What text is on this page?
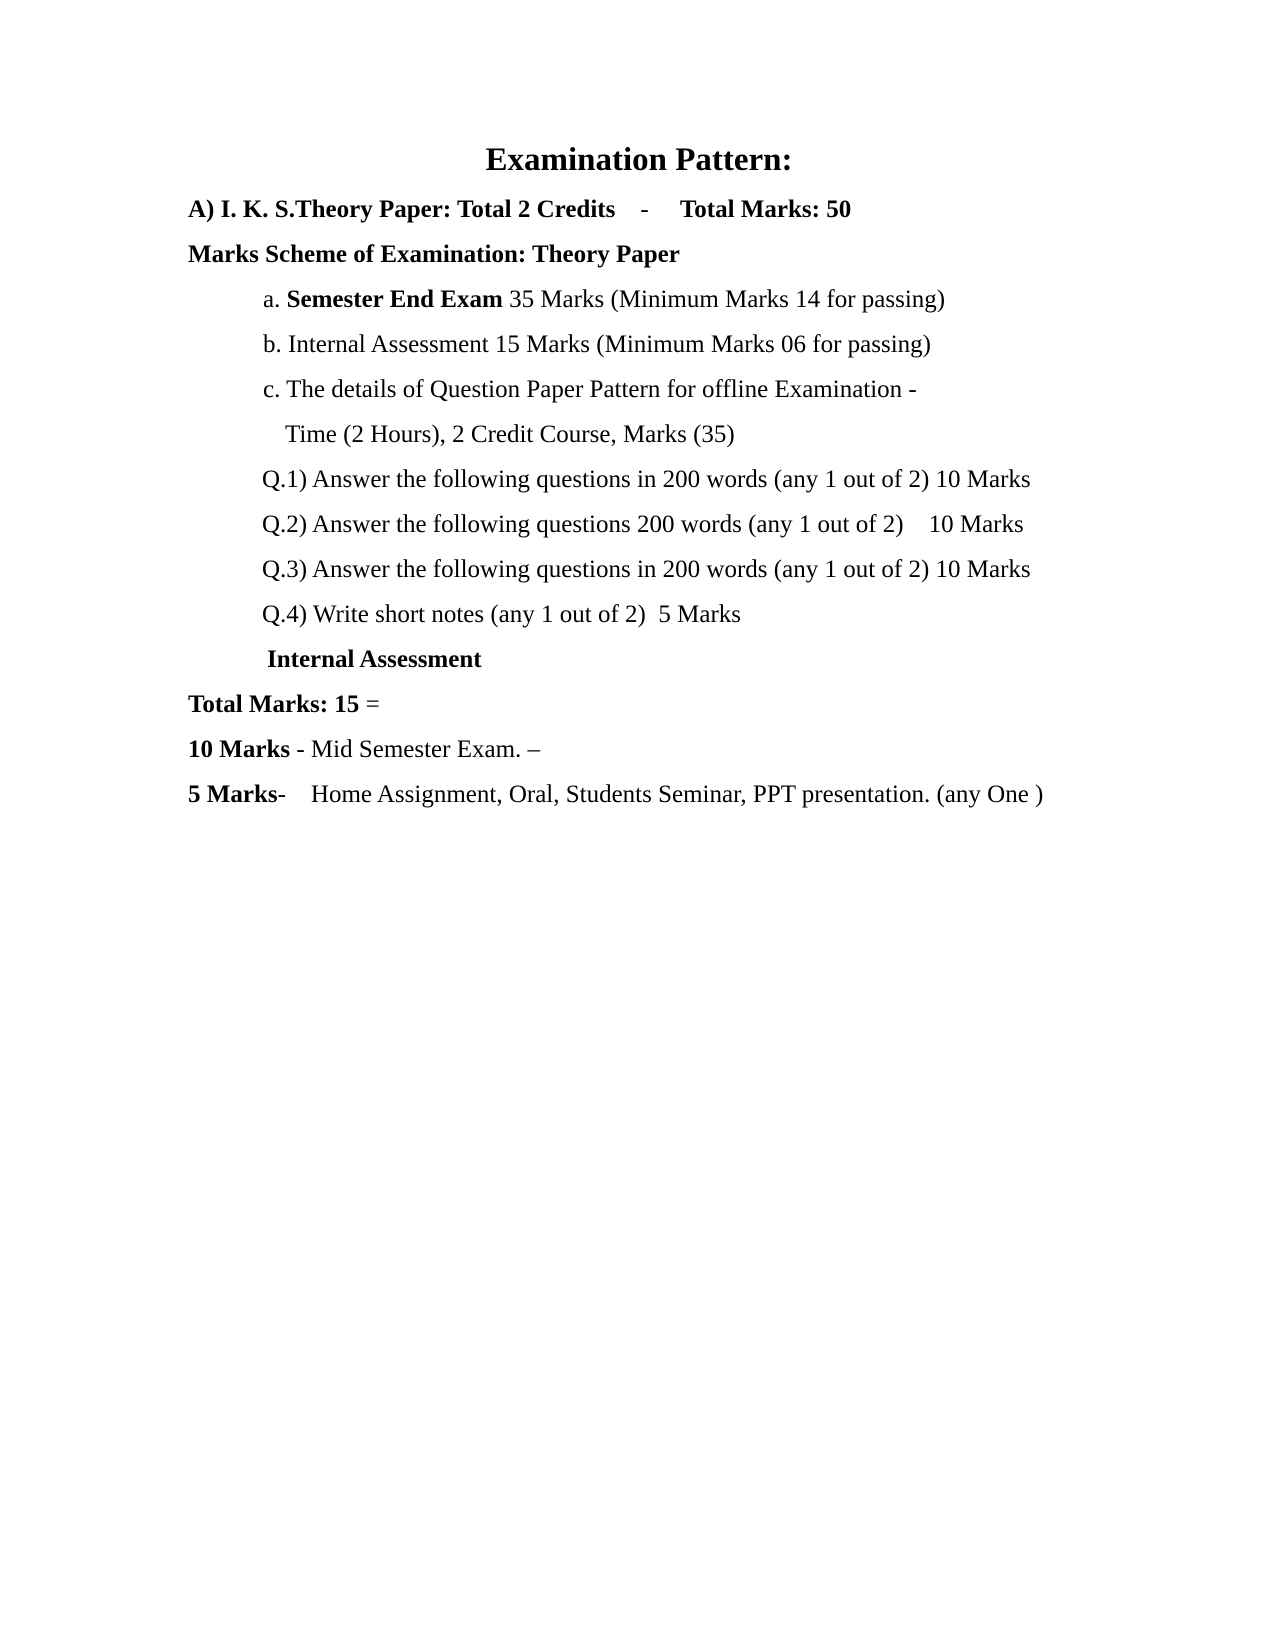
Examination Pattern:

A) I. K. S.Theory Paper: Total 2 Credits    -     Total Marks: 50

Marks Scheme of Examination: Theory Paper

a. Semester End Exam 35 Marks (Minimum Marks 14 for passing)

b. Internal Assessment 15 Marks (Minimum Marks 06 for passing)

c. The details of Question Paper Pattern for offline Examination -

Time (2 Hours), 2 Credit Course, Marks (35)

Q.1) Answer the following questions in 200 words (any 1 out of 2) 10 Marks

Q.2) Answer the following questions 200 words (any 1 out of 2)    10 Marks

Q.3) Answer the following questions in 200 words (any 1 out of 2) 10 Marks

Q.4) Write short notes (any 1 out of 2)  5 Marks

Internal Assessment

Total Marks: 15 =

10 Marks - Mid Semester Exam. –

5 Marks-    Home Assignment, Oral, Students Seminar, PPT presentation. (any One )
